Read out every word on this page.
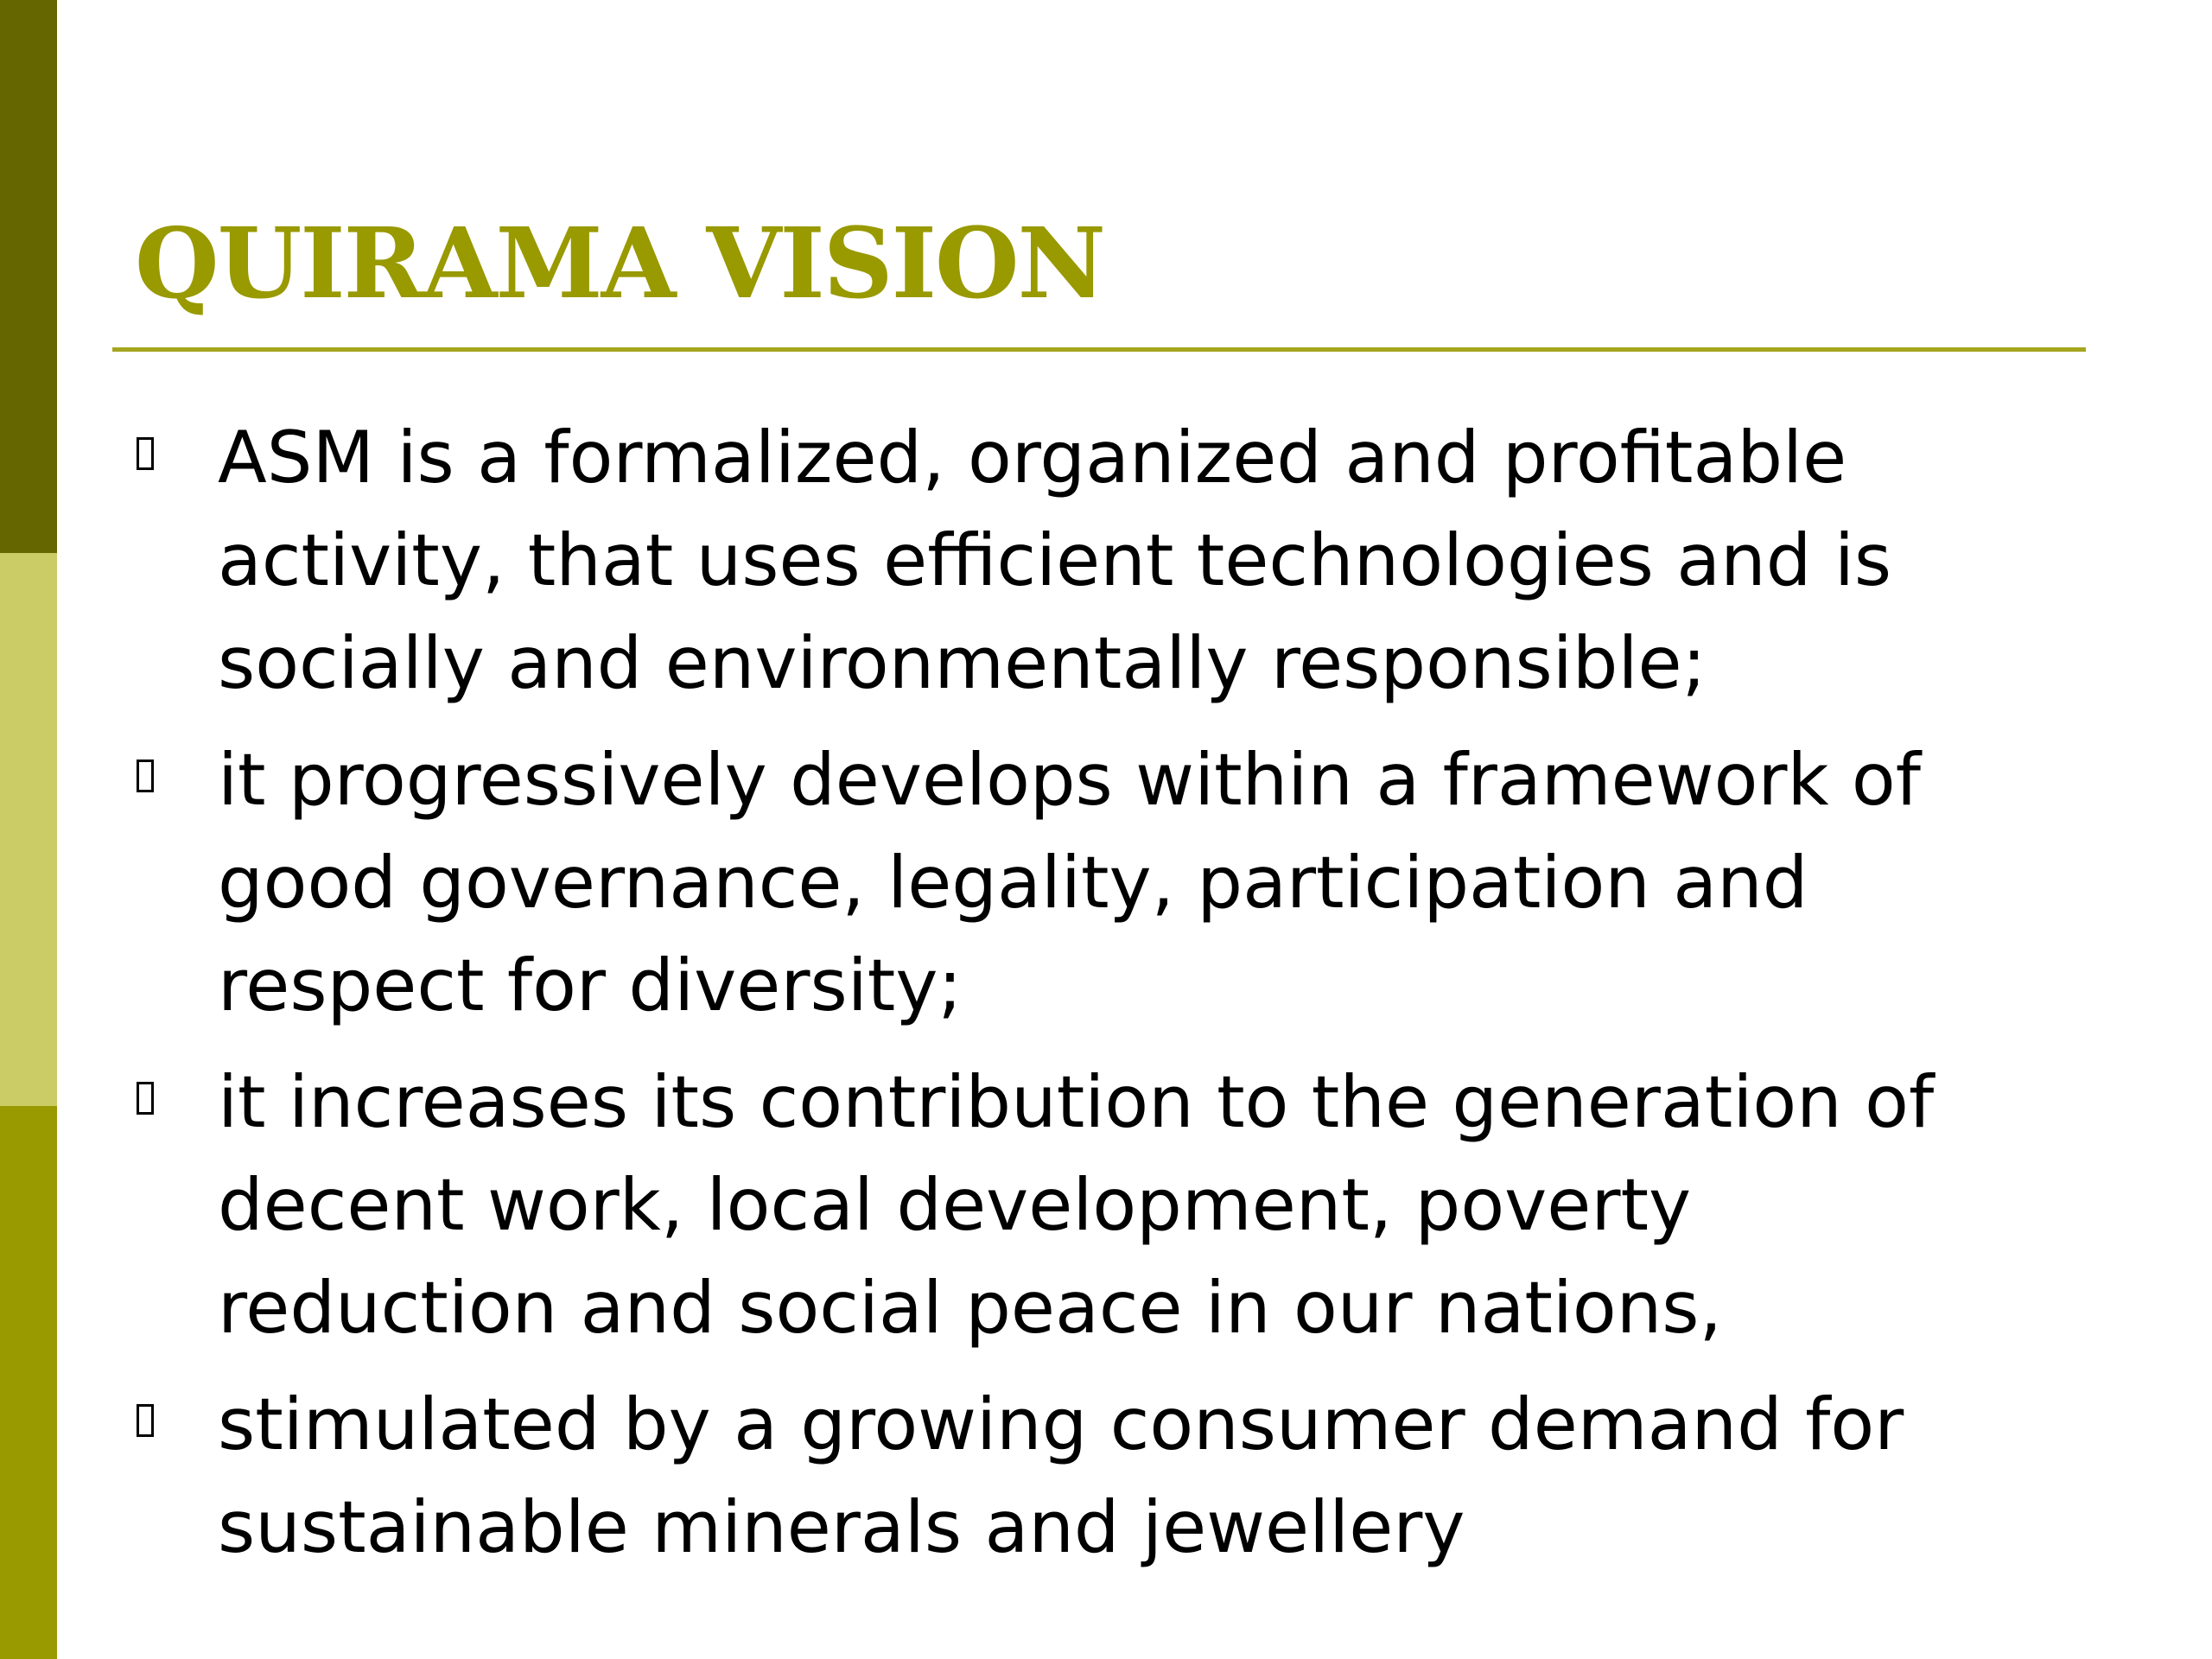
QUIRAMA VISION
ASM is a formalized, organized and profitable
activity, that uses efficient technologies and is
socially and environmentally responsible;
it progressively develops within a framework of
good governance, legality, participation and
respect for diversity;
it increases its contribution to the generation of
decent work, local development, poverty
reduction and social peace in our nations,
stimulated by a growing consumer demand for
sustainable minerals and jewellery
